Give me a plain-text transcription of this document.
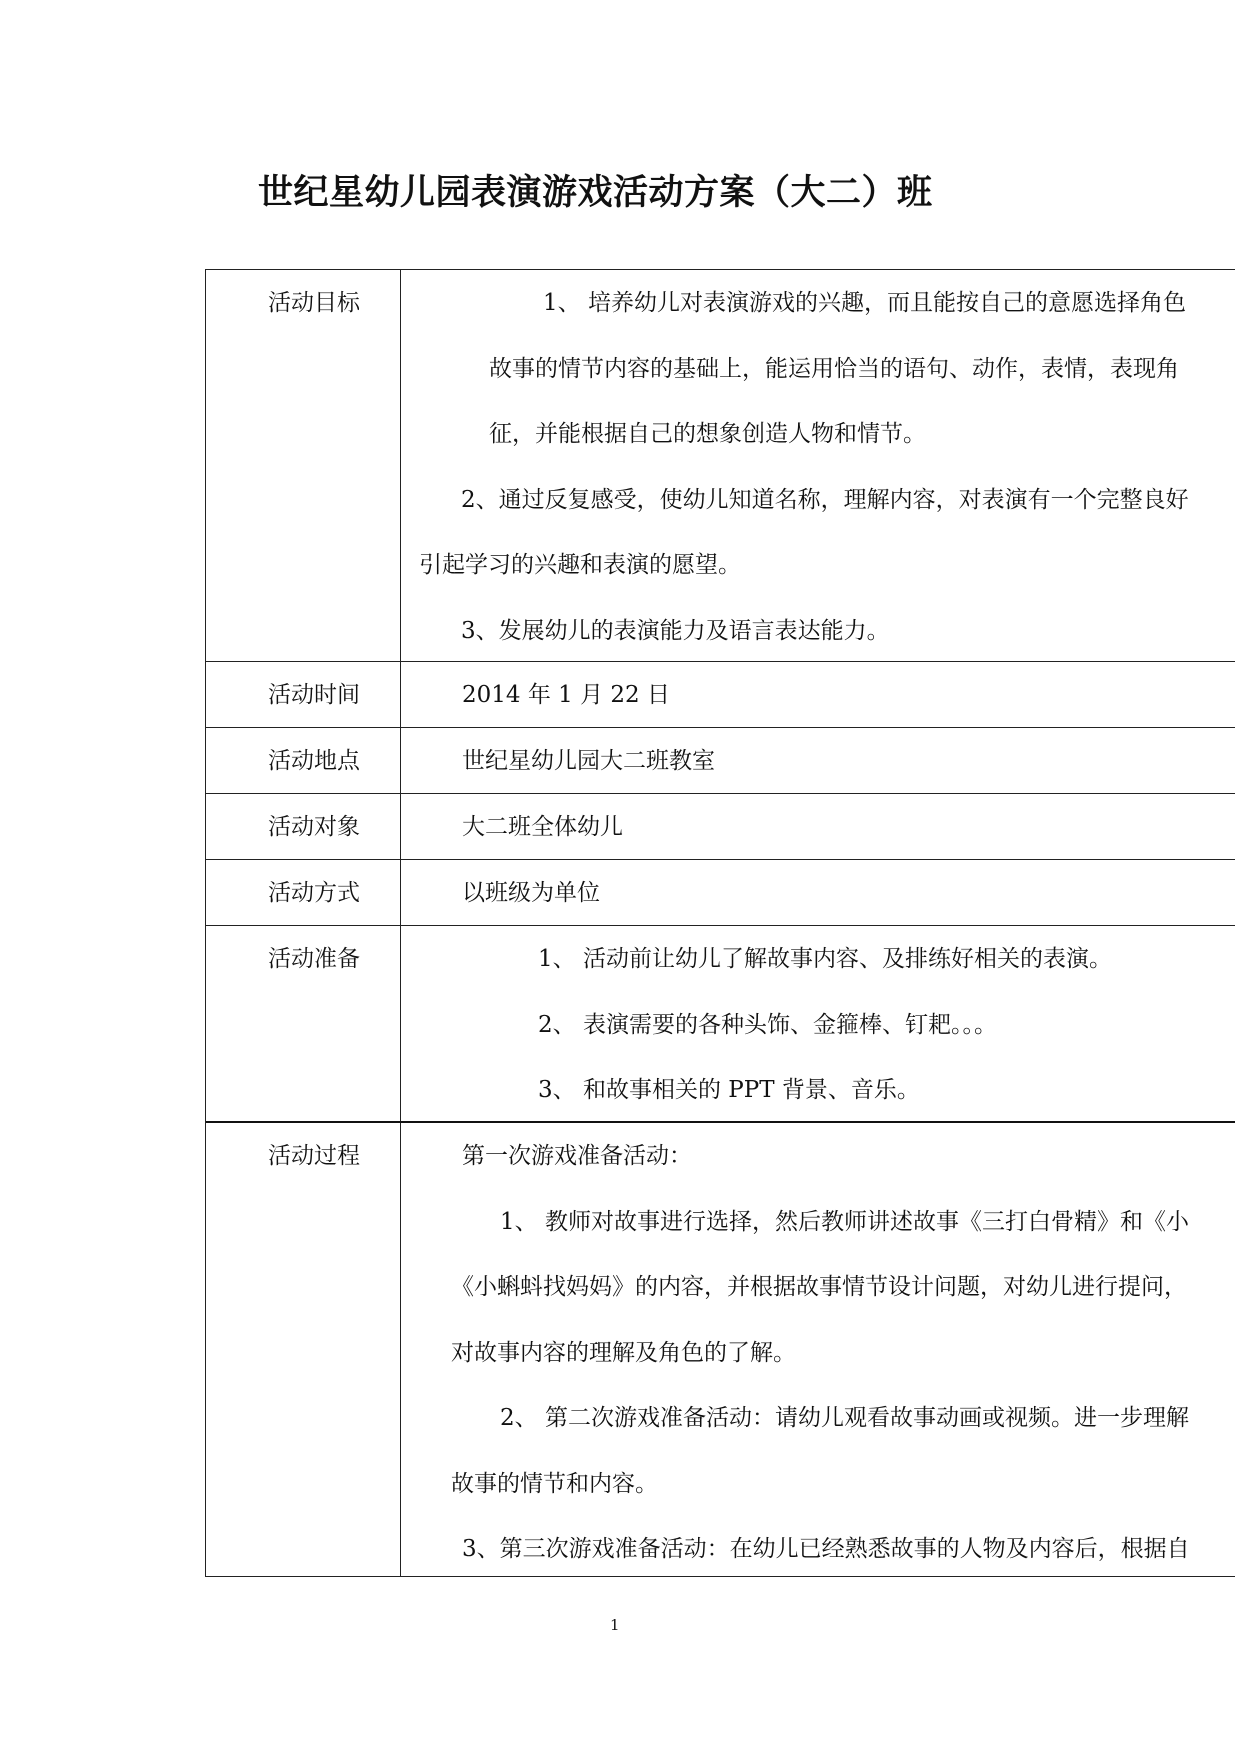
世纪星幼儿园表演游戏活动方案（大二）班
活动目标	1、 培养幼儿对表演游戏的兴趣，而且能按自己的意愿选择角色
故事的情节内容的基础上，能运用恰当的语句、动作，表情，表现角
征，并能根据自己的想象创造人物和情节。
2、通过反复感受，使幼儿知道名称，理解内容，对表演有一个完整良好
引起学习的兴趣和表演的愿望。
3、发展幼儿的表演能力及语言表达能力。
活动时间	2014 年 1 月 22 日
活动地点	世纪星幼儿园大二班教室
活动对象	大二班全体幼儿
活动方式	以班级为单位
活动准备	1、 活动前让幼儿了解故事内容、及排练好相关的表演。
2、 表演需要的各种头饰、金箍棒、钉耙。。。
3、 和故事相关的 PPT 背景、音乐。
活动过程	第一次游戏准备活动：
1、 教师对故事进行选择，然后教师讲述故事《三打白骨精》和《小
《小蝌蚪找妈妈》的内容，并根据故事情节设计问题，对幼儿进行提问，
对故事内容的理解及角色的了解。
2、 第二次游戏准备活动：请幼儿观看故事动画或视频。进一步理解
故事的情节和内容。
3、第三次游戏准备活动：在幼儿已经熟悉故事的人物及内容后，根据自
1
